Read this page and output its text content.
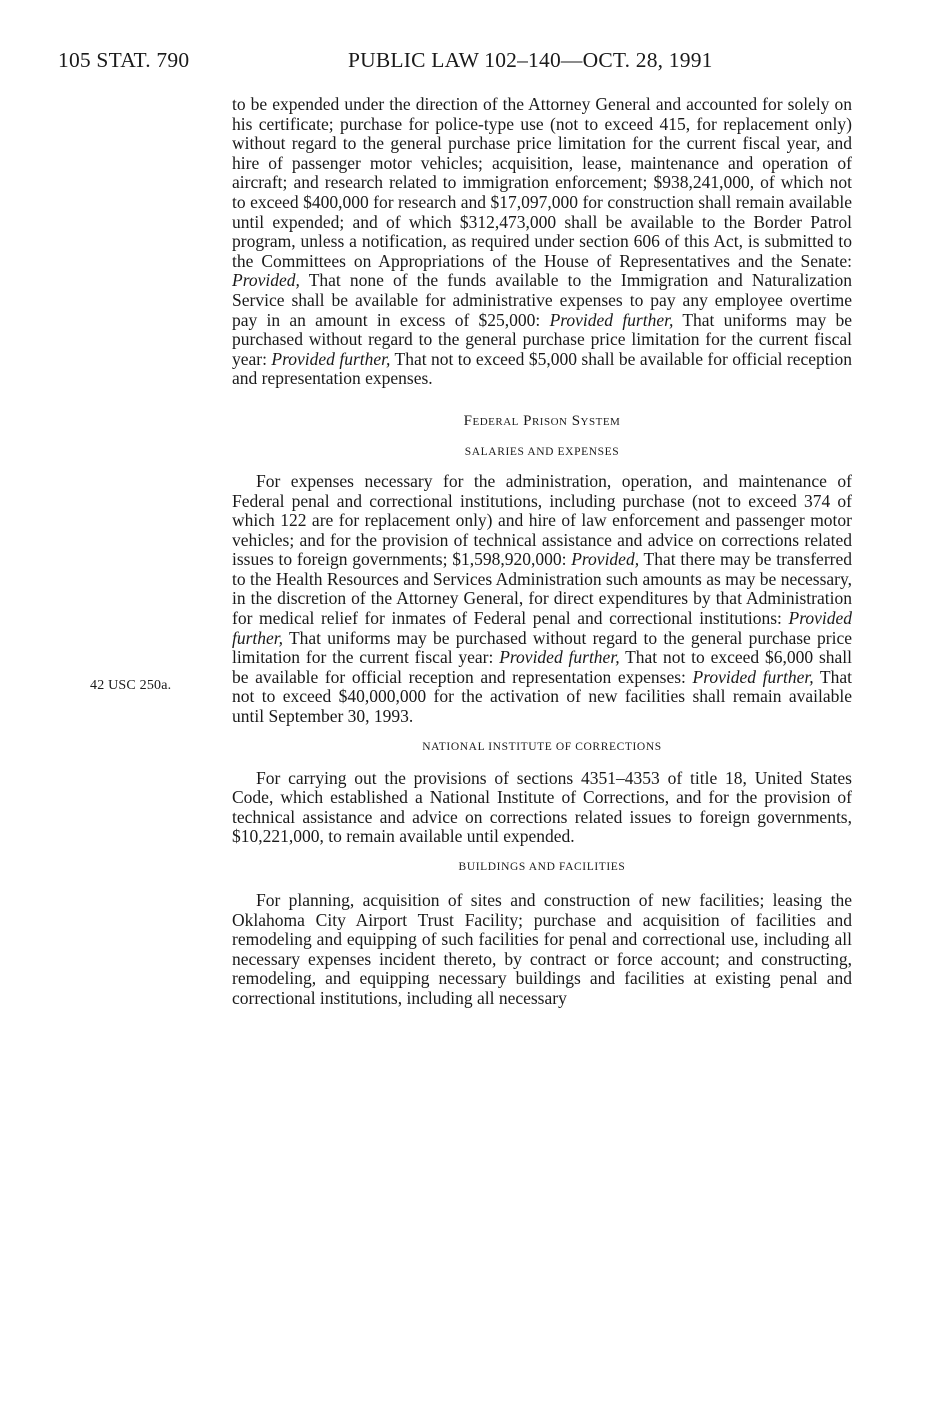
105 STAT. 790	PUBLIC LAW 102–140—OCT. 28, 1991
42 USC 250a.

to be expended under the direction of the Attorney General and accounted for solely on his certificate; purchase for police-type use (not to exceed 415, for replacement only) without regard to the general purchase price limitation for the current fiscal year, and hire of passenger motor vehicles; acquisition, lease, maintenance and operation of aircraft; and research related to immigration enforcement; $938,241,000, of which not to exceed $400,000 for research and $17,097,000 for construction shall remain available until expended; and of which $312,473,000 shall be available to the Border Patrol program, unless a notification, as required under section 606 of this Act, is submitted to the Committees on Appropriations of the House of Representatives and the Senate: Provided, That none of the funds available to the Immigration and Naturalization Service shall be available for administrative expenses to pay any employee overtime pay in an amount in excess of $25,000: Provided further, That uniforms may be purchased without regard to the general purchase price limitation for the current fiscal year: Provided further, That not to exceed $5,000 shall be available for official reception and representation expenses.

Federal Prison System

SALARIES AND EXPENSES

For expenses necessary for the administration, operation, and maintenance of Federal penal and correctional institutions, including purchase (not to exceed 374 of which 122 are for replacement only) and hire of law enforcement and passenger motor vehicles; and for the provision of technical assistance and advice on corrections related issues to foreign governments; $1,598,920,000: Provided, That there may be transferred to the Health Resources and Services Administration such amounts as may be necessary, in the discretion of the Attorney General, for direct expenditures by that Administration for medical relief for inmates of Federal penal and correctional institutions: Provided further, That uniforms may be purchased without regard to the general purchase price limitation for the current fiscal year: Provided further, That not to exceed $6,000 shall be available for official reception and representation expenses: Provided further, That not to exceed $40,000,000 for the activation of new facilities shall remain available until September 30, 1993.

NATIONAL INSTITUTE OF CORRECTIONS

For carrying out the provisions of sections 4351–4353 of title 18, United States Code, which established a National Institute of Corrections, and for the provision of technical assistance and advice on corrections related issues to foreign governments, $10,221,000, to remain available until expended.

BUILDINGS AND FACILITIES

For planning, acquisition of sites and construction of new facilities; leasing the Oklahoma City Airport Trust Facility; purchase and acquisition of facilities and remodeling and equipping of such facilities for penal and correctional use, including all necessary expenses incident thereto, by contract or force account; and constructing, remodeling, and equipping necessary buildings and facilities at existing penal and correctional institutions, including all necessary
